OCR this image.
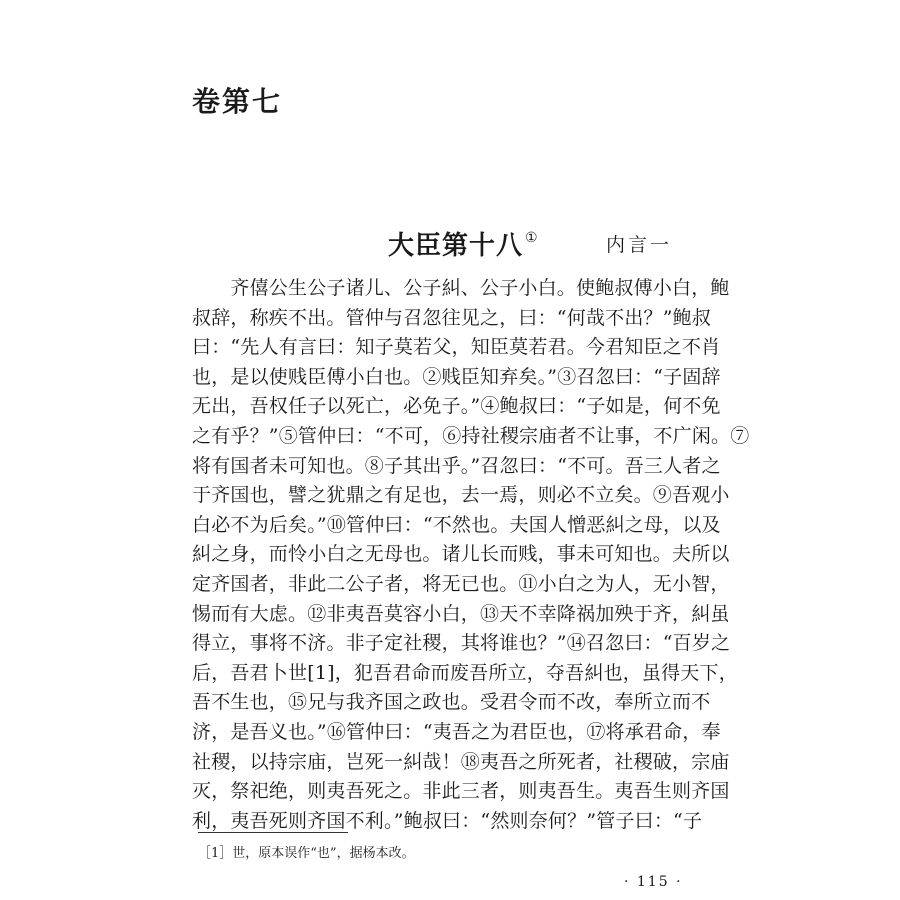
卷第七
大臣第十八 ①	内言一
　　齐僖公生公子诸儿、公子糾、公子小白。使鲍叔傅小白，鲍
叔辞，称疾不出。管仲与召忽往见之，曰：“何哉不出？”鲍叔
曰：“先人有言曰：知子莫若父，知臣莫若君。今君知臣之不肖
也，是以使贱臣傅小白也。②贱臣知弃矣。”③召忽曰：“子固辞
无出，吾权任子以死亡，必免子。”④鲍叔曰：“子如是，何不免
之有乎？”⑤管仲曰：“不可，⑥持社稷宗庙者不让事，不广闲。⑦
将有国者未可知也。⑧子其出乎。”召忽曰：“不可。吾三人者之
于齐国也，譬之犹鼎之有足也，去一焉，则必不立矣。⑨吾观小
白必不为后矣。”⑩管仲曰：“不然也。夫国人憎恶糾之母，以及
糾之身，而怜小白之无母也。诸儿长而贱，事未可知也。夫所以
定齐国者，非此二公子者，将无已也。⑪小白之为人，无小智，
惕而有大虑。⑫非夷吾莫容小白，⑬天不幸降祸加殃于齐，糾虽
得立，事将不济。非子定社稷，其将谁也？”⑭召忽曰：“百岁之
后，吾君卜世[1]，犯吾君命而废吾所立，夺吾糾也，虽得天下，
吾不生也，⑮兄与我齐国之政也。受君令而不改，奉所立而不
济，是吾义也。”⑯管仲曰：“夷吾之为君臣也，⑰将承君命，奉
社稷，以持宗庙，岂死一糾哉！⑱夷吾之所死者，社稷破，宗庙
灭，祭祀绝，则夷吾死之。非此三者，则夷吾生。夷吾生则齐国
利，夷吾死则齐国不利。”鲍叔曰：“然则奈何？”管子曰：“子
［1］世，原本误作“也”，据杨本改。
· 115 ·
